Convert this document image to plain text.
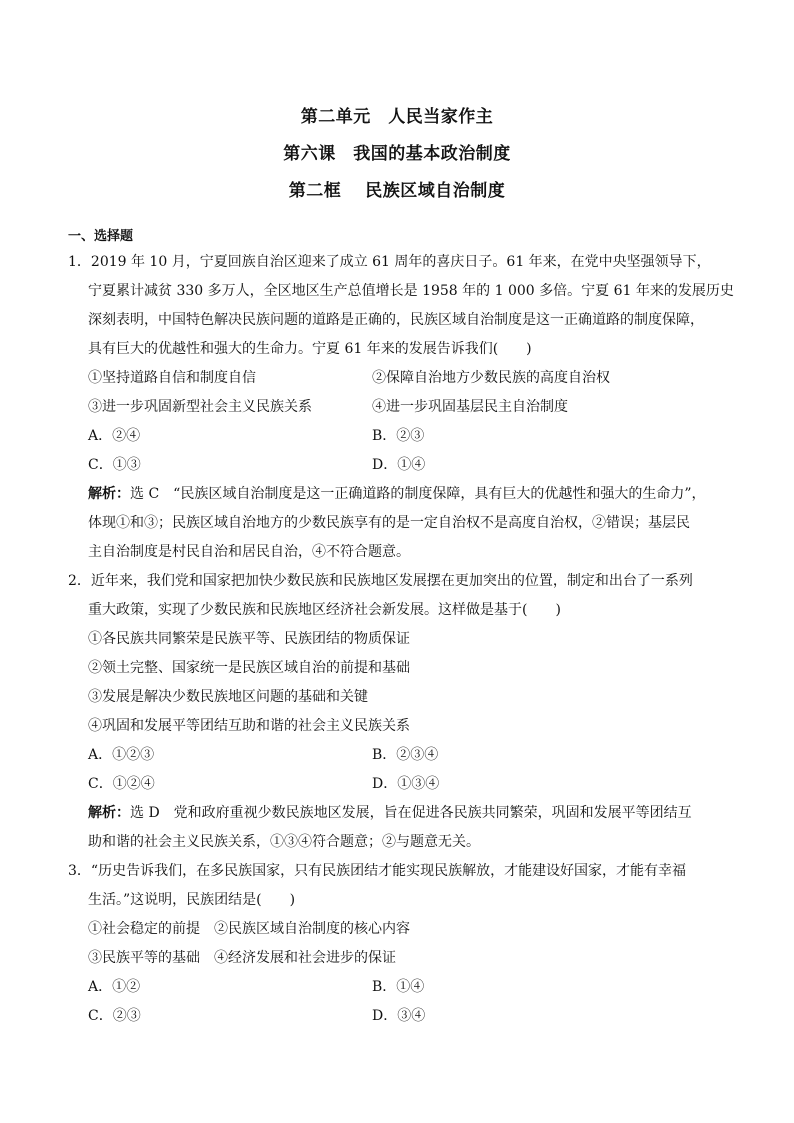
第二单元　人民当家作主
第六课　我国的基本政治制度
第二框　 民族区域自治制度
一、选择题
1．2019 年 10 月，宁夏回族自治区迎来了成立 61 周年的喜庆日子。61 年来，在党中央坚强领导下，
宁夏累计减贫 330 多万人，全区地区生产总值增长是 1958 年的 1 000 多倍。宁夏 61 年来的发展历史
深刻表明，中国特色解决民族问题的道路是正确的，民族区域自治制度是这一正确道路的制度保障，
具有巨大的优越性和强大的生命力。宁夏 61 年来的发展告诉我们(　　)
①坚持道路自信和制度自信	②保障自治地方少数民族的高度自治权
③进一步巩固新型社会主义民族关系	④进一步巩固基层民主自治制度
A．②④	B．②③
C．①③	D．①④
解析：选 C　“民族区域自治制度是这一正确道路的制度保障，具有巨大的优越性和强大的生命力”，
体现①和③；民族区域自治地方的少数民族享有的是一定自治权不是高度自治权，②错误；基层民
主自治制度是村民自治和居民自治，④不符合题意。
2．近年来，我们党和国家把加快少数民族和民族地区发展摆在更加突出的位置，制定和出台了一系列
重大政策，实现了少数民族和民族地区经济社会新发展。这样做是基于(　　)
①各民族共同繁荣是民族平等、民族团结的物质保证
②领土完整、国家统一是民族区域自治的前提和基础
③发展是解决少数民族地区问题的基础和关键
④巩固和发展平等团结互助和谐的社会主义民族关系
A．①②③	B．②③④
C．①②④	D．①③④
解析：选 D　党和政府重视少数民族地区发展，旨在促进各民族共同繁荣，巩固和发展平等团结互
助和谐的社会主义民族关系，①③④符合题意；②与题意无关。
3．“历史告诉我们，在多民族国家，只有民族团结才能实现民族解放，才能建设好国家，才能有幸福
生活。”这说明，民族团结是(　　)
①社会稳定的前提　②民族区域自治制度的核心内容
③民族平等的基础　④经济发展和社会进步的保证
A．①②	B．①④
C．②③	D．③④
